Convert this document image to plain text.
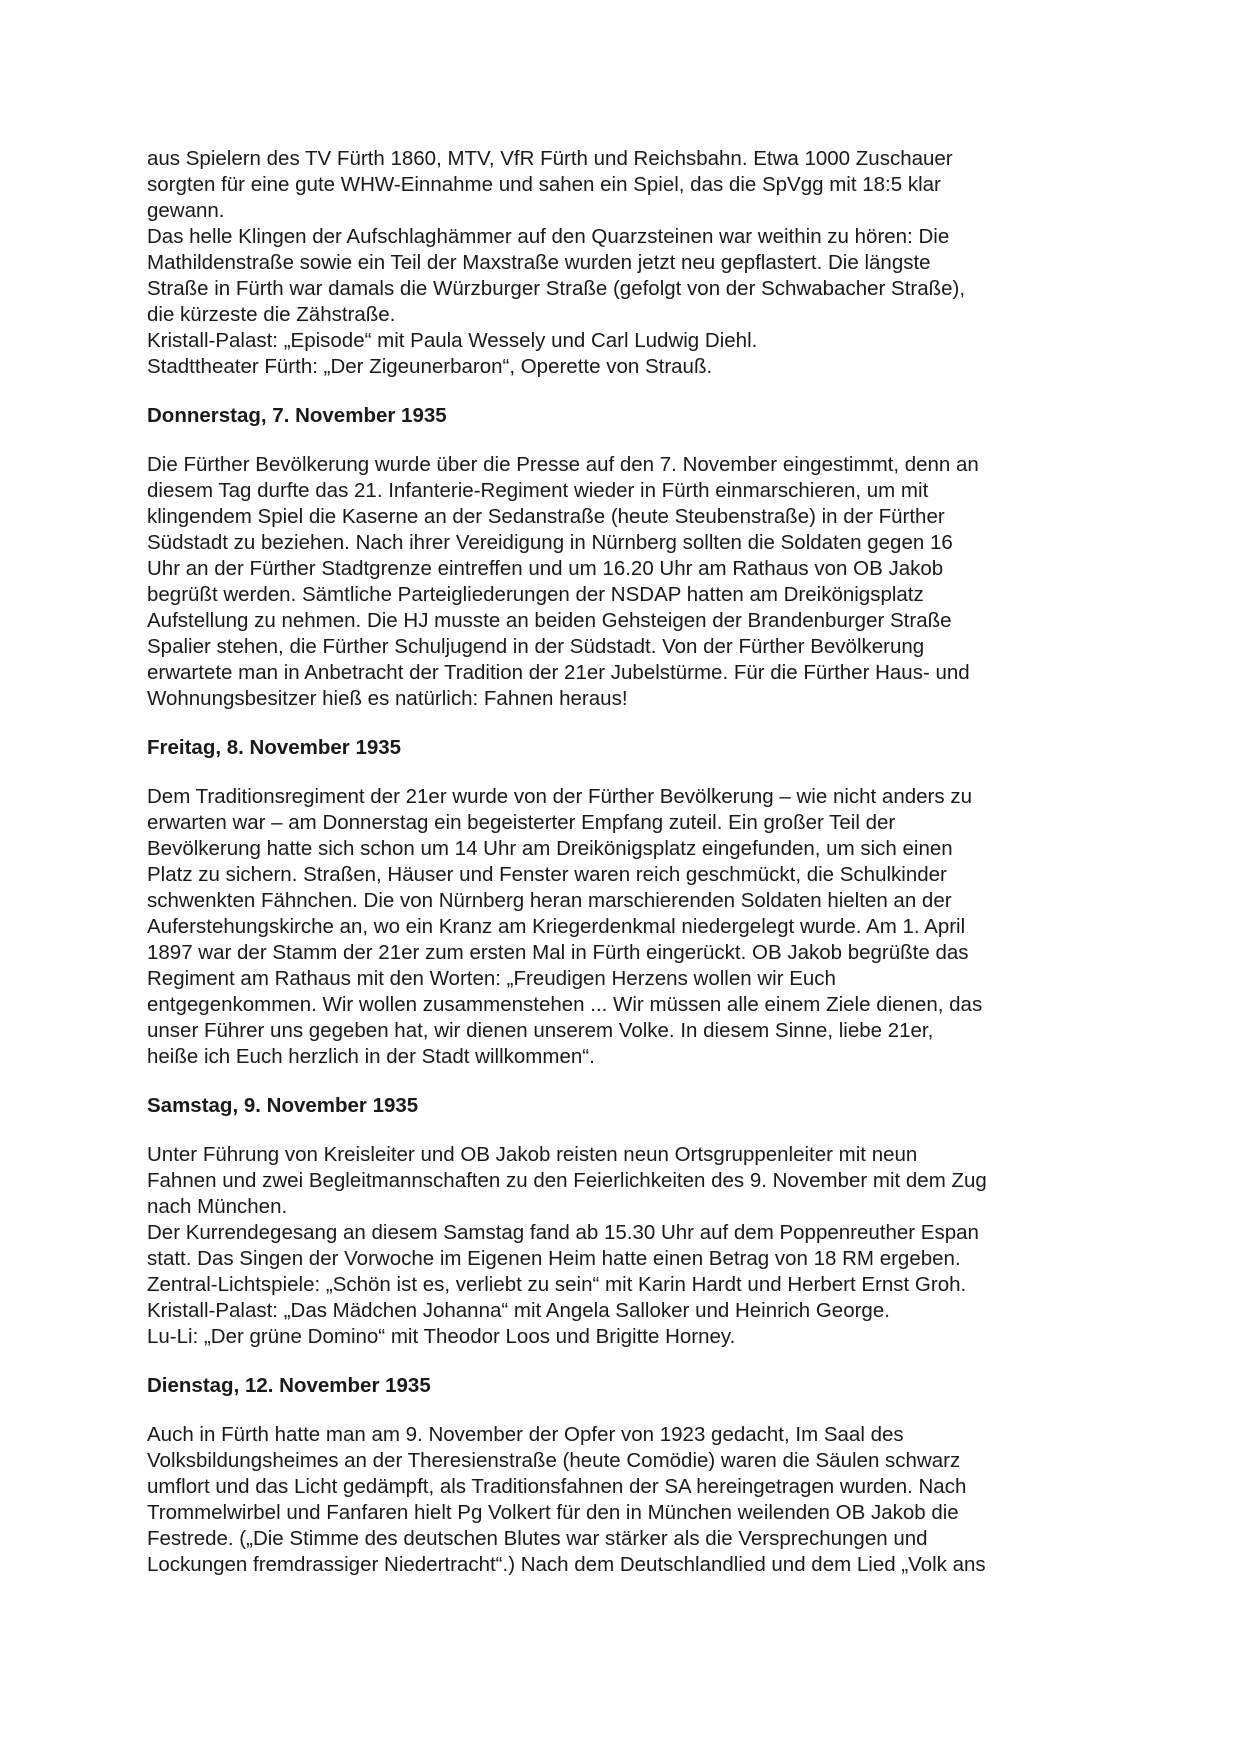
aus Spielern des TV Fürth 1860, MTV, VfR Fürth und Reichsbahn. Etwa 1000 Zuschauer
sorgten für eine gute WHW-Einnahme und sahen ein Spiel, das die SpVgg mit 18:5 klar
gewann.
Das helle Klingen der Aufschlaghämmer auf den Quarzsteinen war weithin zu hören: Die
Mathildenstraße sowie ein Teil der Maxstraße wurden jetzt neu gepflastert. Die längste
Straße in Fürth war damals die Würzburger Straße (gefolgt von der Schwabacher Straße),
die kürzeste die Zähstraße.
Kristall-Palast: „Episode“ mit Paula Wessely und Carl Ludwig Diehl.
Stadttheater Fürth: „Der Zigeunerbaron“, Operette von Strauß.
Donnerstag, 7. November 1935
Die Fürther Bevölkerung wurde über die Presse auf den 7. November eingestimmt, denn an
diesem Tag durfte das 21. Infanterie-Regiment wieder in Fürth einmarschieren, um mit
klingendem Spiel die Kaserne an der Sedanstraße (heute Steubenstraße) in der Fürther
Südstadt zu beziehen. Nach ihrer Vereidigung in Nürnberg sollten die Soldaten gegen 16
Uhr an der Fürther Stadtgrenze eintreffen und um 16.20 Uhr am Rathaus von OB Jakob
begrüßt werden. Sämtliche Parteigliederungen der NSDAP hatten am Dreikönigsplatz
Aufstellung zu nehmen. Die HJ musste an beiden Gehsteigen der Brandenburger Straße
Spalier stehen, die Fürther Schuljugend in der Südstadt. Von der Fürther Bevölkerung
erwartete man in Anbetracht der Tradition der 21er Jubelstürme. Für die Fürther Haus- und
Wohnungsbesitzer hieß es natürlich: Fahnen heraus!
Freitag, 8. November 1935
Dem Traditionsregiment der 21er wurde von der Fürther Bevölkerung – wie nicht anders zu
erwarten war – am Donnerstag ein begeisterter Empfang zuteil. Ein großer Teil der
Bevölkerung hatte sich schon um 14 Uhr am Dreikönigsplatz eingefunden, um sich einen
Platz zu sichern. Straßen, Häuser und Fenster waren reich geschmückt, die Schulkinder
schwenkten Fähnchen. Die von Nürnberg heran marschierenden Soldaten hielten an der
Auferstehungskirche an, wo ein Kranz am Kriegerdenkmal niedergelegt wurde. Am 1. April
1897 war der Stamm der 21er zum ersten Mal in Fürth eingerückt. OB Jakob begrüßte das
Regiment am Rathaus mit den Worten: „Freudigen Herzens wollen wir Euch
entgegenkommen. Wir wollen zusammenstehen ... Wir müssen alle einem Ziele dienen, das
unser Führer uns gegeben hat, wir dienen unserem Volke. In diesem Sinne, liebe 21er,
heiße ich Euch herzlich in der Stadt willkommen“.
Samstag, 9. November 1935
Unter Führung von Kreisleiter und OB Jakob reisten neun Ortsgruppenleiter mit neun
Fahnen und zwei Begleitmannschaften zu den Feierlichkeiten des 9. November mit dem Zug
nach München.
Der Kurrendegesang an diesem Samstag fand ab 15.30 Uhr auf dem Poppenreuther Espan
statt. Das Singen der Vorwoche im Eigenen Heim hatte einen Betrag von 18 RM ergeben.
Zentral-Lichtspiele: „Schön ist es, verliebt zu sein“ mit Karin Hardt und Herbert Ernst Groh.
Kristall-Palast: „Das Mädchen Johanna“ mit Angela Salloker und Heinrich George.
Lu-Li: „Der grüne Domino“ mit Theodor Loos und Brigitte Horney.
Dienstag, 12. November 1935
Auch in Fürth hatte man am 9. November der Opfer von 1923 gedacht, Im Saal des
Volksbildungsheimes an der Theresienstraße (heute Comödie) waren die Säulen schwarz
umflort und das Licht gedämpft, als Traditionsfahnen der SA hereingetragen wurden. Nach
Trommelwirbel und Fanfaren hielt Pg Volkert für den in München weilenden OB Jakob die
Festrede. („Die Stimme des deutschen Blutes war stärker als die Versprechungen und
Lockungen fremdrassiger Niedertracht“.) Nach dem Deutschlandlied und dem Lied „Volk ans
